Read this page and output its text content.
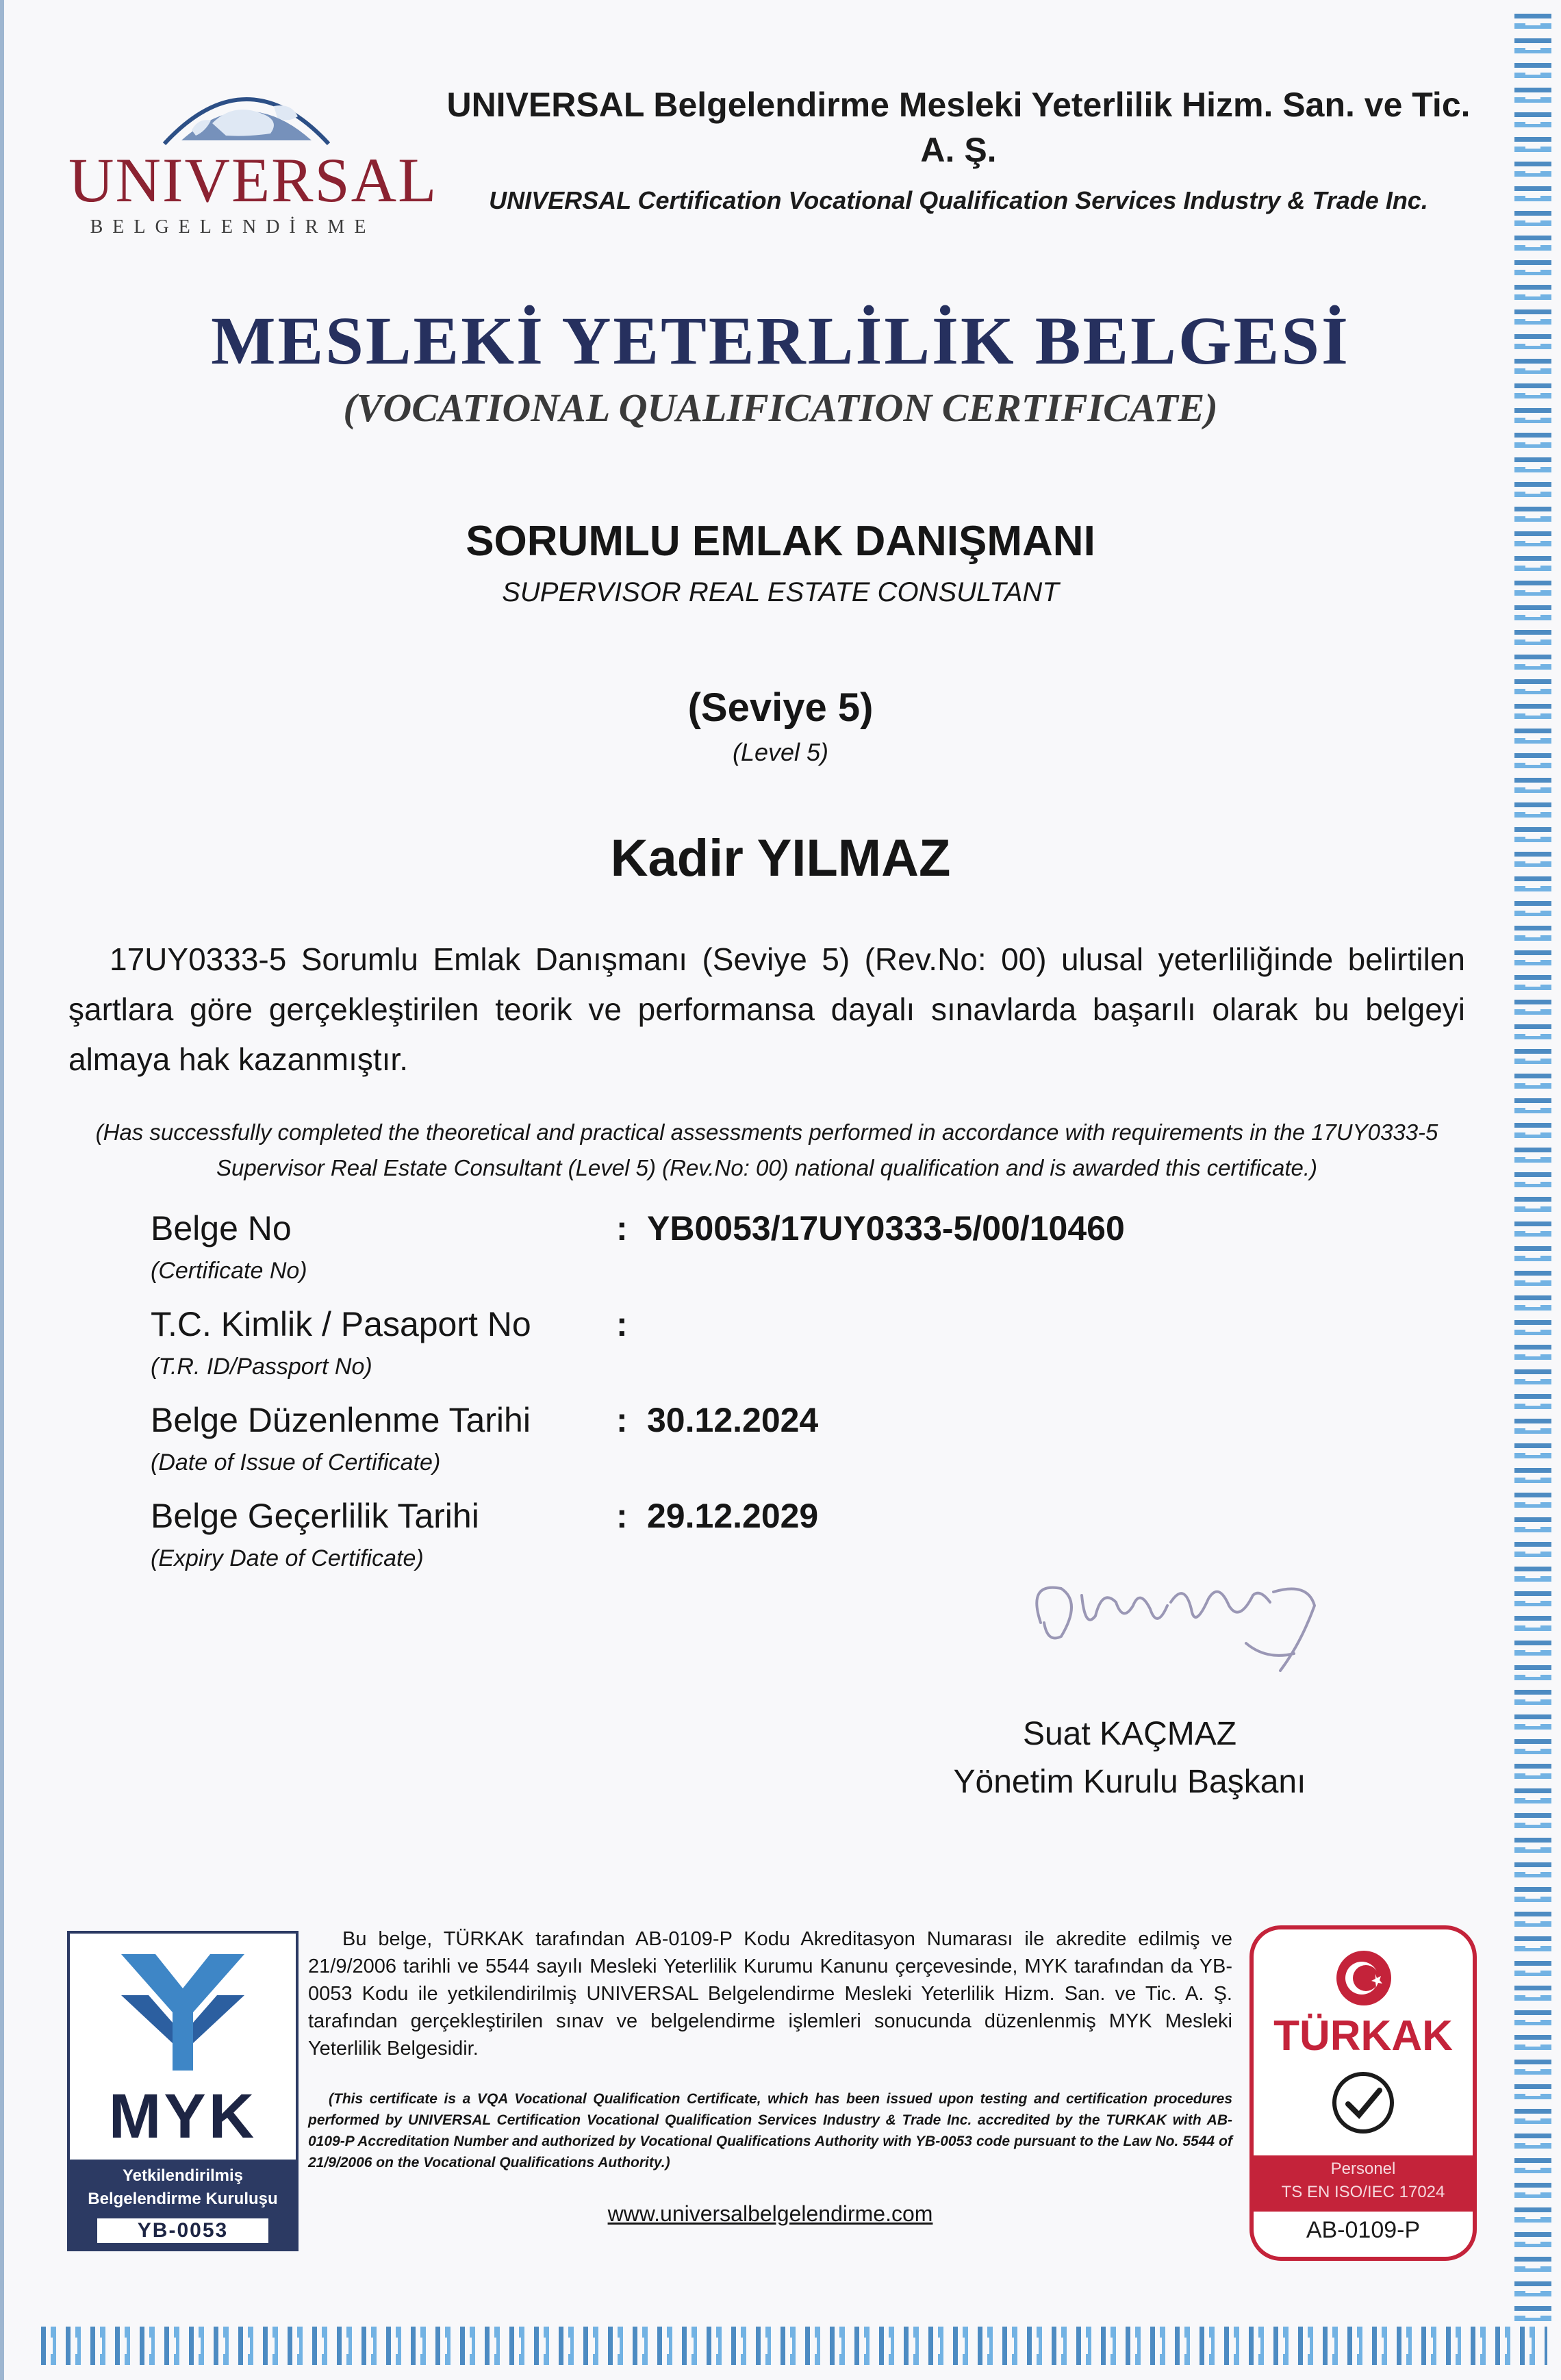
UNIVERSAL
BELGELENDİRME
UNIVERSAL Belgelendirme Mesleki Yeterlilik Hizm. San. ve Tic. A. Ş.
UNIVERSAL Certification Vocational Qualification Services Industry & Trade Inc.
MESLEKİ YETERLİLİK BELGESİ
(VOCATIONAL QUALIFICATION CERTIFICATE)
SORUMLU EMLAK DANIŞMANI
SUPERVISOR REAL ESTATE CONSULTANT
(Seviye 5)
(Level 5)
Kadir YILMAZ
17UY0333-5 Sorumlu Emlak Danışmanı (Seviye 5) (Rev.No: 00) ulusal yeterliliğinde belirtilen şartlara göre gerçekleştirilen teorik ve performansa dayalı sınavlarda başarılı olarak bu belgeyi almaya hak kazanmıştır.
(Has successfully completed the theoretical and practical assessments performed in accordance with requirements in the 17UY0333-5 Supervisor Real Estate Consultant (Level 5) (Rev.No: 00) national qualification and is awarded this certificate.)
Belge No
(Certificate No)
: YB0053/17UY0333-5/00/10460
T.C. Kimlik / Pasaport No
(T.R. ID/Passport No)
:
Belge Düzenlenme Tarihi
(Date of Issue of Certificate)
: 30.12.2024
Belge Geçerlilik Tarihi
(Expiry Date of Certificate)
: 29.12.2029
Suat KAÇMAZ
Yönetim Kurulu Başkanı
MYK
Yetkilendirilmiş
Belgelendirme Kuruluşu
YB-0053
Bu belge, TÜRKAK tarafından AB-0109-P Kodu Akreditasyon Numarası ile akredite edilmiş ve 21/9/2006 tarihli ve 5544 sayılı Mesleki Yeterlilik Kurumu Kanunu çerçevesinde, MYK tarafından da YB-0053 Kodu ile yetkilendirilmiş UNIVERSAL Belgelendirme Mesleki Yeterlilik Hizm. San. ve Tic. A. Ş. tarafından gerçekleştirilen sınav ve belgelendirme işlemleri sonucunda düzenlenmiş MYK Mesleki Yeterlilik Belgesidir.
(This certificate is a VQA Vocational Qualification Certificate, which has been issued upon testing and certification procedures performed by UNIVERSAL Certification Vocational Qualification Services Industry & Trade Inc. accredited by the TURKAK with AB-0109-P Accreditation Number and authorized by Vocational Qualifications Authority with YB-0053 code pursuant to the Law No. 5544 of 21/9/2006 on the Vocational Qualifications Authority.)
www.universalbelgelendirme.com
TÜRKAK
Personel
TS EN ISO/IEC 17024
AB-0109-P
